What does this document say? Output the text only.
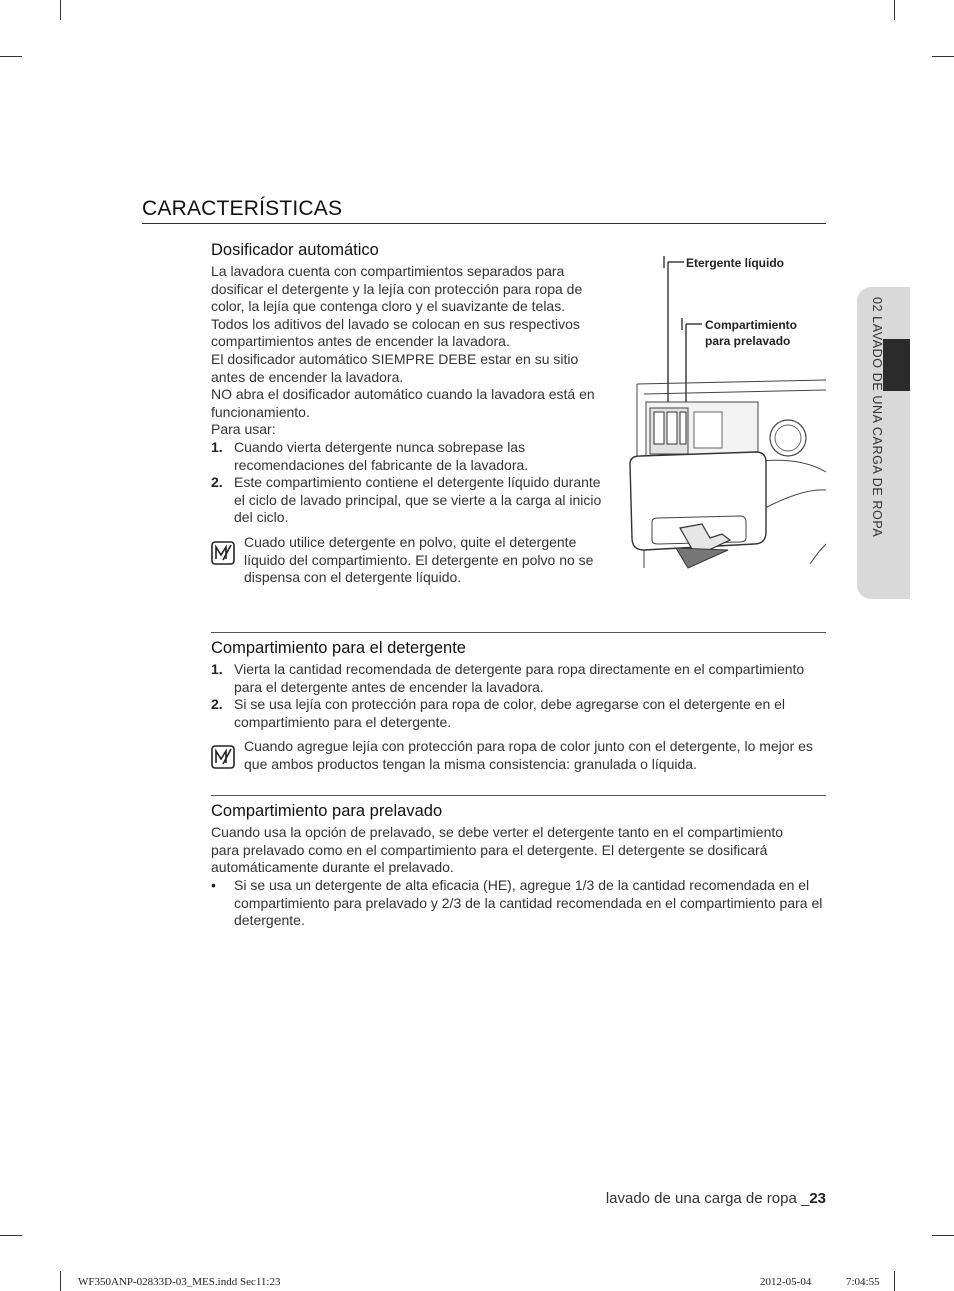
CARACTERÍSTICAS
02 LAVADO DE UNA CARGA DE ROPA
Dosificador automático

La lavadora cuenta con compartimientos separados para dosificar el detergente y la lejía con protección para ropa de color, la lejía que contenga cloro y el suavizante de telas.

Todos los aditivos del lavado se colocan en sus respectivos compartimientos antes de encender la lavadora.

El dosificador automático SIEMPRE DEBE estar en su sitio antes de encender la lavadora.

NO abra el dosificador automático cuando la lavadora está en funcionamiento.

Para usar:

1. Cuando vierta detergente nunca sobrepase las recomendaciones del fabricante de la lavadora.
2. Este compartimiento contiene el detergente líquido durante el ciclo de lavado principal, que se vierte a la carga al inicio del ciclo.
Cuado utilice detergente en polvo, quite el detergente líquido del compartimiento. El detergente en polvo no se dispensa con el detergente líquido.
Etergente líquido
Compartimiento
para prelavado
Compartimiento para el detergente
1. Vierta la cantidad recomendada de detergente para ropa directamente en el compartimiento para el detergente antes de encender la lavadora.
2. Si se usa lejía con protección para ropa de color, debe agregarse con el detergente en el compartimiento para el detergente.
Cuando agregue lejía con protección para ropa de color junto con el detergente, lo mejor es que ambos productos tengan la misma consistencia: granulada o líquida.
Compartimiento para prelavado
Cuando usa la opción de prelavado, se debe verter el detergente tanto en el compartimiento para prelavado como en el compartimiento para el detergente. El detergente se dosificará automáticamente durante el prelavado.
• Si se usa un detergente de alta eficacia (HE), agregue 1/3 de la cantidad recomendada en el compartimiento para prelavado y 2/3 de la cantidad recomendada en el compartimiento para el detergente.
lavado de una carga de ropa _23
WF350ANP-02833D-03_MES.indd Sec11:23	2012-05-04	7:04:55
